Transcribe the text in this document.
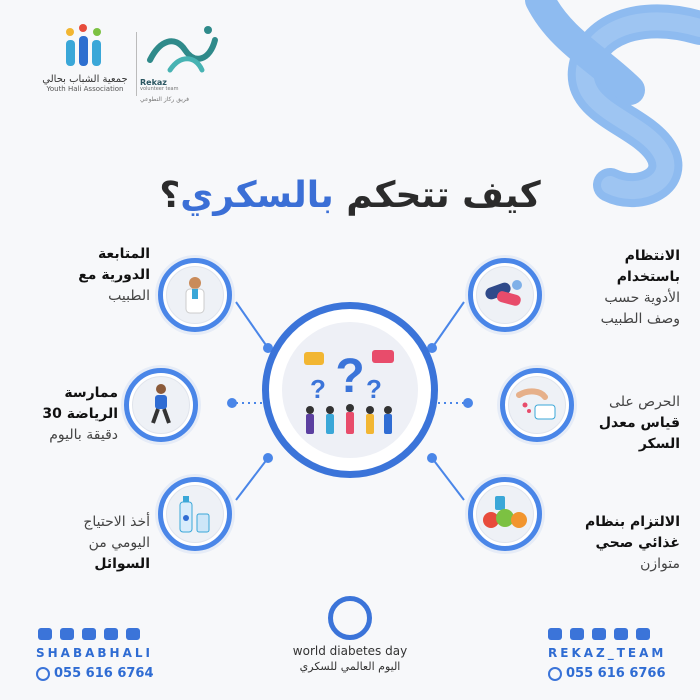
جمعية الشباب بحالي
Youth Hali Association
Rekaz
volunteer team
فريق ركاز التطوعي
كيف تتحكم بالسكري؟
?
? ?
المتابعة
الدورية مع
الطبيب
ممارسة
الرياضة 30
دقيقة باليوم
أخذ الاحتياج
اليومي من
السوائل
الانتظام
باستخدام
الأدوية حسب
وصف الطبيب
الحرص على
قياس معدل
السكر
الالتزام بنظام
غذائي صحي
متوازن
SHABABHALI
055 616 6764
REKAZ_TEAM
055 616 6766
world diabetes day
اليوم العالمي للسكري
